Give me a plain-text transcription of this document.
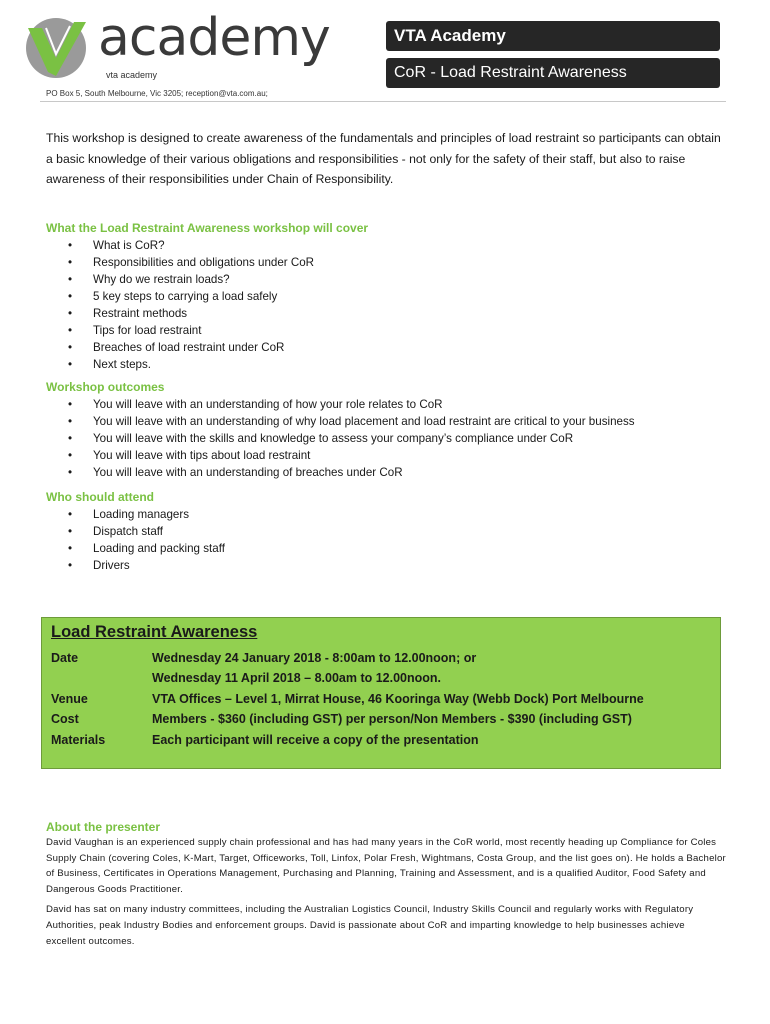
academy
vta academy
PO Box 5, South Melbourne, Vic 3205; reception@vta.com.au;
VTA Academy
CoR - Load Restraint Awareness

This workshop is designed to create awareness of the fundamentals and principles of load restraint so participants can obtain a basic knowledge of their various obligations and responsibilities - not only for the safety of their staff, but also to raise awareness of their responsibilities under Chain of Responsibility.

What the Load Restraint Awareness workshop will cover
• What is CoR?
• Responsibilities and obligations under CoR
• Why do we restrain loads?
• 5 key steps to carrying a load safely
• Restraint methods
• Tips for load restraint
• Breaches of load restraint under CoR
• Next steps.
Workshop outcomes
• You will leave with an understanding of how your role relates to CoR
• You will leave with an understanding of why load placement and load restraint are critical to your business
• You will leave with the skills and knowledge to assess your company’s compliance under CoR
• You will leave with tips about load restraint
• You will leave with an understanding of breaches under CoR
Who should attend
• Loading managers
• Dispatch staff
• Loading and packing staff
• Drivers
Load Restraint Awareness
Date	Wednesday 24 January 2018 - 8:00am to 12.00noon; or
Wednesday 11 April 2018 – 8.00am to 12.00noon.
Venue	VTA Offices – Level 1, Mirrat House, 46 Kooringa Way (Webb Dock) Port Melbourne
Cost	Members - $360 (including GST) per person/Non Members - $390 (including GST)
Materials	Each participant will receive a copy of the presentation
About the presenter

David Vaughan is an experienced supply chain professional and has had many years in the CoR world, most recently heading up Compliance for Coles Supply Chain (covering Coles, K-Mart, Target, Officeworks, Toll, Linfox, Polar Fresh, Wightmans, Costa Group, and the list goes on). He holds a Bachelor of Business, Certificates in Operations Management, Purchasing and Planning, Training and Assessment, and is a qualified Auditor, Food Safety and Dangerous Goods Practitioner.

David has sat on many industry committees, including the Australian Logistics Council, Industry Skills Council and regularly works with Regulatory Authorities, peak Industry Bodies and enforcement groups. David is passionate about CoR and imparting knowledge to help businesses achieve excellent outcomes.
